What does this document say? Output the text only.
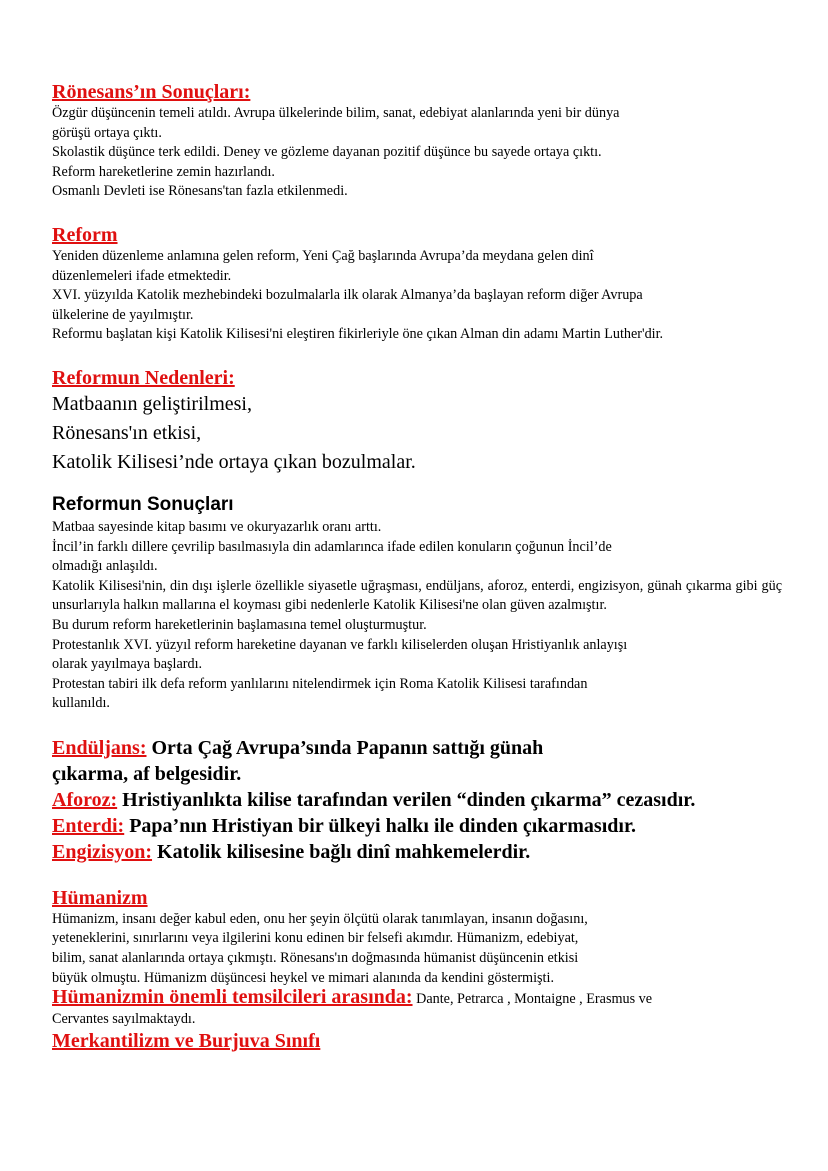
Rönesans’ın Sonuçları:

Özgür düşüncenin temeli atıldı. Avrupa ülkelerinde bilim, sanat, edebiyat alanlarında yeni bir dünya

görüşü ortaya çıktı.

Skolastik düşünce terk edildi. Deney ve gözleme dayanan pozitif düşünce bu sayede ortaya çıktı.

Reform hareketlerine zemin hazırlandı.

Osmanlı Devleti ise Rönesans'tan fazla etkilenmedi.

Reform

Yeniden düzenleme anlamına gelen reform, Yeni Çağ başlarında Avrupa’da meydana gelen dinî

düzenlemeleri ifade etmektedir.

XVI. yüzyılda Katolik mezhebindeki bozulmalarla ilk olarak Almanya’da başlayan reform diğer Avrupa

ülkelerine de yayılmıştır.

Reformu başlatan kişi Katolik Kilisesi'ni eleştiren fikirleriyle öne çıkan Alman din adamı Martin Luther'dir.

Reformun Nedenleri:

Matbaanın geliştirilmesi,

Rönesans'ın etkisi,

Katolik Kilisesi’nde ortaya çıkan bozulmalar.

Reformun Sonuçları

Matbaa sayesinde kitap basımı ve okuryazarlık oranı arttı.

İncil’in farklı dillere çevrilip basılmasıyla din adamlarınca ifade edilen konuların çoğunun İncil’de

olmadığı anlaşıldı.

Katolik Kilisesi'nin, din dışı işlerle özellikle siyasetle uğraşması, endüljans, aforoz, enterdi, engizisyon, günah çıkarma gibi güç unsurlarıyla halkın mallarına el koyması gibi nedenlerle Katolik Kilisesi'ne olan güven azalmıştır.

Bu durum reform hareketlerinin başlamasına temel oluşturmuştur.

Protestanlık XVI. yüzyıl reform hareketine dayanan ve farklı kiliselerden oluşan Hristiyanlık anlayışı

olarak yayılmaya başlardı.

Protestan tabiri ilk defa reform yanlılarını nitelendirmek için Roma Katolik Kilisesi tarafından

kullanıldı.

Endüljans: Orta Çağ Avrupa’sında Papanın sattığı günah

çıkarma, af belgesidir.

Aforoz: Hristiyanlıkta kilise tarafından verilen “dinden çıkarma” cezasıdır.

Enterdi: Papa’nın Hristiyan bir ülkeyi halkı ile dinden çıkarmasıdır.

Engizisyon: Katolik kilisesine bağlı dinî mahkemelerdir.

Hümanizm

Hümanizm, insanı değer kabul eden, onu her şeyin ölçütü olarak tanımlayan, insanın doğasını,

yeteneklerini, sınırlarını veya ilgilerini konu edinen bir felsefi akımdır. Hümanizm, edebiyat,

bilim, sanat alanlarında ortaya çıkmıştı. Rönesans'ın doğmasında hümanist düşüncenin etkisi

büyük olmuştu. Hümanizm düşüncesi heykel ve mimari alanında da kendini göstermişti.

Hümanizmin önemli temsilcileri arasında: Dante, Petrarca , Montaigne , Erasmus ve

Cervantes sayılmaktaydı.

Merkantilizm ve Burjuva Sınıfı
